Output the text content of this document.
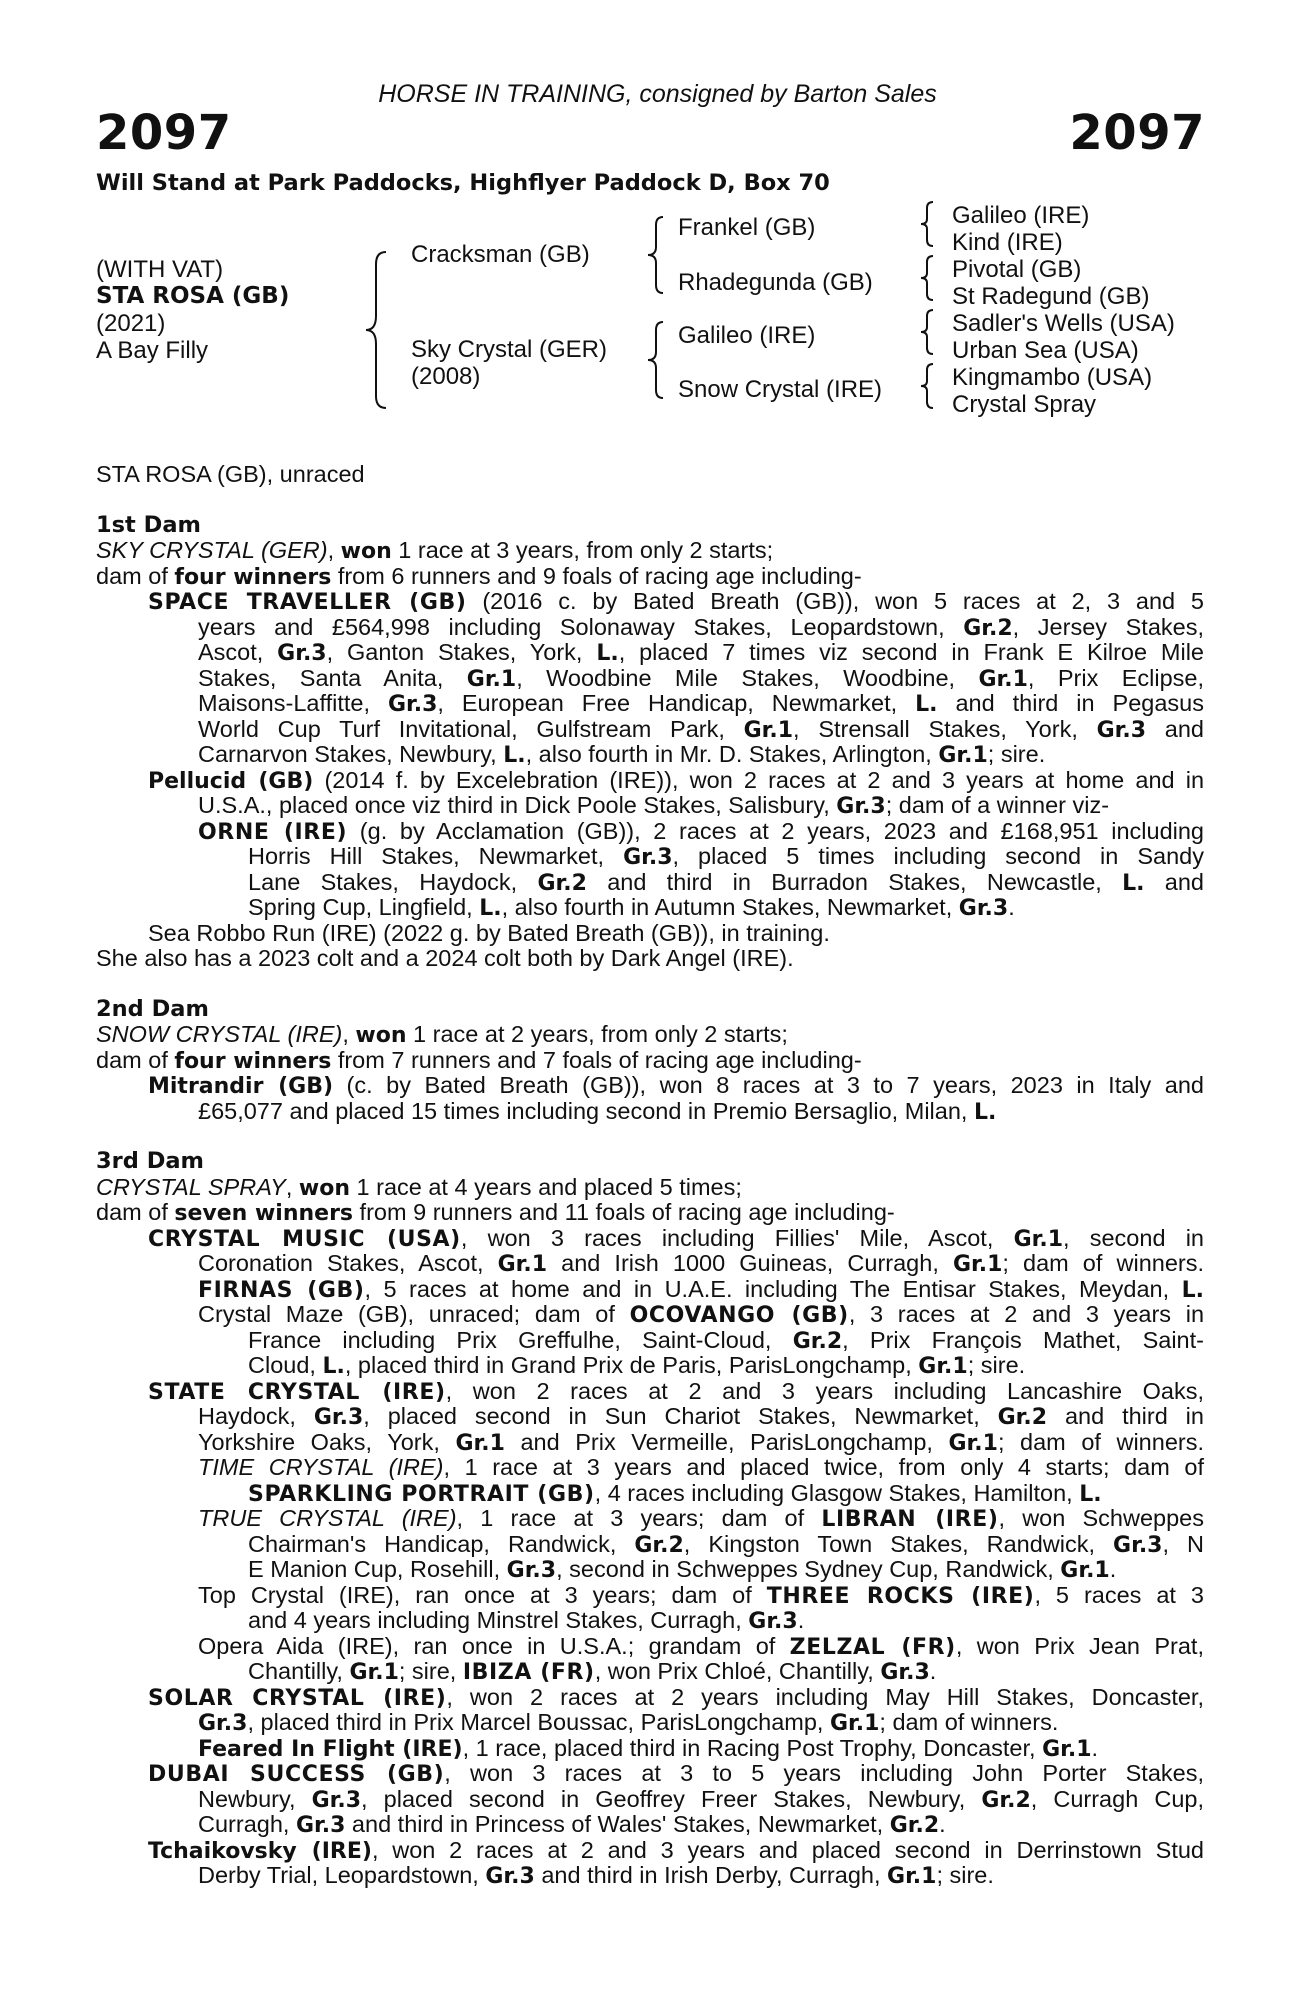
HORSE IN TRAINING, consigned by Barton Sales
2097	2097
Will Stand at Park Paddocks, Highflyer Paddock D, Box 70
(WITH VAT)
STA ROSA (GB)
(2021)
A Bay Filly
Cracksman (GB)
Sky Crystal (GER)
(2008)
Frankel (GB)
Rhadegunda (GB)
Galileo (IRE)
Snow Crystal (IRE)
Galileo (IRE)
Kind (IRE)
Pivotal (GB)
St Radegund (GB)
Sadler's Wells (USA)
Urban Sea (USA)
Kingmambo (USA)
Crystal Spray
STA ROSA (GB), unraced
1st Dam
SKY CRYSTAL (GER), won 1 race at 3 years, from only 2 starts;
dam of four winners from 6 runners and 9 foals of racing age including-
SPACE TRAVELLER (GB) (2016 c. by Bated Breath (GB)), won 5 races at 2, 3 and 5
years and £564,998 including Solonaway Stakes, Leopardstown, Gr.2, Jersey Stakes,
Ascot, Gr.3, Ganton Stakes, York, L., placed 7 times viz second in Frank E Kilroe Mile
Stakes, Santa Anita, Gr.1, Woodbine Mile Stakes, Woodbine, Gr.1, Prix Eclipse,
Maisons-Laffitte, Gr.3, European Free Handicap, Newmarket, L. and third in Pegasus
World Cup Turf Invitational, Gulfstream Park, Gr.1, Strensall Stakes, York, Gr.3 and
Carnarvon Stakes, Newbury, L., also fourth in Mr. D. Stakes, Arlington, Gr.1; sire.
Pellucid (GB) (2014 f. by Excelebration (IRE)), won 2 races at 2 and 3 years at home and in
U.S.A., placed once viz third in Dick Poole Stakes, Salisbury, Gr.3; dam of a winner viz-
ORNE (IRE) (g. by Acclamation (GB)), 2 races at 2 years, 2023 and £168,951 including
Horris Hill Stakes, Newmarket, Gr.3, placed 5 times including second in Sandy
Lane Stakes, Haydock, Gr.2 and third in Burradon Stakes, Newcastle, L. and
Spring Cup, Lingfield, L., also fourth in Autumn Stakes, Newmarket, Gr.3.
Sea Robbo Run (IRE) (2022 g. by Bated Breath (GB)), in training.
She also has a 2023 colt and a 2024 colt both by Dark Angel (IRE).
2nd Dam
SNOW CRYSTAL (IRE), won 1 race at 2 years, from only 2 starts;
dam of four winners from 7 runners and 7 foals of racing age including-
Mitrandir (GB) (c. by Bated Breath (GB)), won 8 races at 3 to 7 years, 2023 in Italy and
£65,077 and placed 15 times including second in Premio Bersaglio, Milan, L.
3rd Dam
CRYSTAL SPRAY, won 1 race at 4 years and placed 5 times;
dam of seven winners from 9 runners and 11 foals of racing age including-
CRYSTAL MUSIC (USA), won 3 races including Fillies' Mile, Ascot, Gr.1, second in
Coronation Stakes, Ascot, Gr.1 and Irish 1000 Guineas, Curragh, Gr.1; dam of winners.
FIRNAS (GB), 5 races at home and in U.A.E. including The Entisar Stakes, Meydan, L.
Crystal Maze (GB), unraced; dam of OCOVANGO (GB), 3 races at 2 and 3 years in
France including Prix Greffulhe, Saint-Cloud, Gr.2, Prix François Mathet, Saint-
Cloud, L., placed third in Grand Prix de Paris, ParisLongchamp, Gr.1; sire.
STATE CRYSTAL (IRE), won 2 races at 2 and 3 years including Lancashire Oaks,
Haydock, Gr.3, placed second in Sun Chariot Stakes, Newmarket, Gr.2 and third in
Yorkshire Oaks, York, Gr.1 and Prix Vermeille, ParisLongchamp, Gr.1; dam of winners.
TIME CRYSTAL (IRE), 1 race at 3 years and placed twice, from only 4 starts; dam of
SPARKLING PORTRAIT (GB), 4 races including Glasgow Stakes, Hamilton, L.
TRUE CRYSTAL (IRE), 1 race at 3 years; dam of LIBRAN (IRE), won Schweppes
Chairman's Handicap, Randwick, Gr.2, Kingston Town Stakes, Randwick, Gr.3, N
E Manion Cup, Rosehill, Gr.3, second in Schweppes Sydney Cup, Randwick, Gr.1.
Top Crystal (IRE), ran once at 3 years; dam of THREE ROCKS (IRE), 5 races at 3
and 4 years including Minstrel Stakes, Curragh, Gr.3.
Opera Aida (IRE), ran once in U.S.A.; grandam of ZELZAL (FR), won Prix Jean Prat,
Chantilly, Gr.1; sire, IBIZA (FR), won Prix Chloé, Chantilly, Gr.3.
SOLAR CRYSTAL (IRE), won 2 races at 2 years including May Hill Stakes, Doncaster,
Gr.3, placed third in Prix Marcel Boussac, ParisLongchamp, Gr.1; dam of winners.
Feared In Flight (IRE), 1 race, placed third in Racing Post Trophy, Doncaster, Gr.1.
DUBAI SUCCESS (GB), won 3 races at 3 to 5 years including John Porter Stakes,
Newbury, Gr.3, placed second in Geoffrey Freer Stakes, Newbury, Gr.2, Curragh Cup,
Curragh, Gr.3 and third in Princess of Wales' Stakes, Newmarket, Gr.2.
Tchaikovsky (IRE), won 2 races at 2 and 3 years and placed second in Derrinstown Stud
Derby Trial, Leopardstown, Gr.3 and third in Irish Derby, Curragh, Gr.1; sire.
